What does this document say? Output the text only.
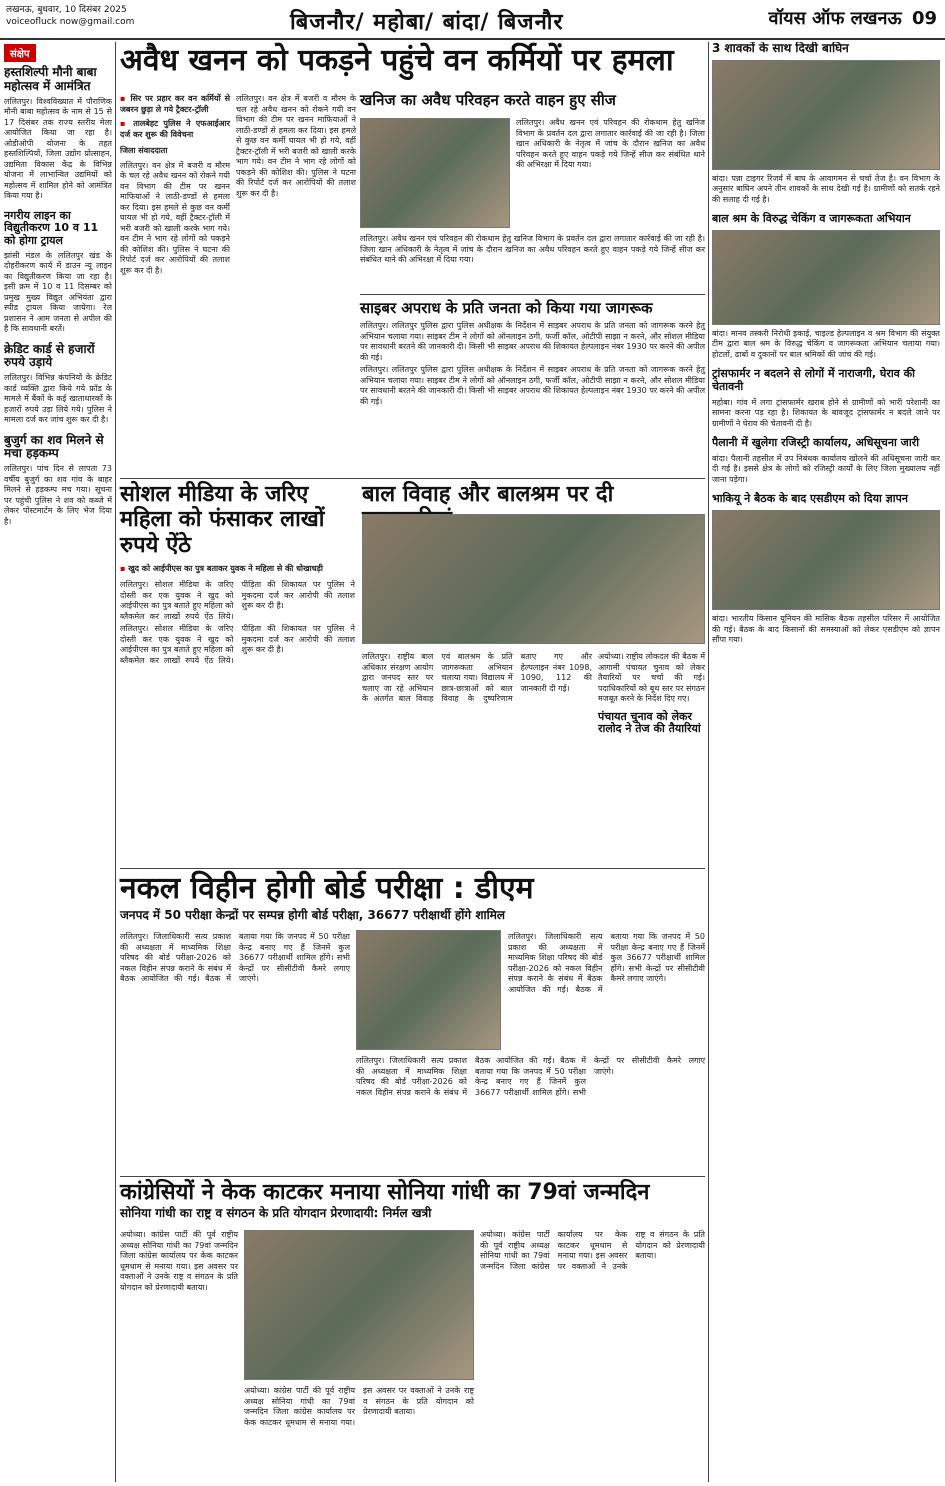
लखनऊ, बुधवार, 10 दिसंबर 2025
voiceofluck now@gmail.com	बिजनौर/ महोबा/ बांदा/ बिजनौर	वॉयस ऑफ लखनऊ 09
संक्षेप
हस्तशिल्पी मौनी बाबा महोत्सव में आमंत्रित
ललितपुर। विश्वविख्यात में पौराणिक मौनी बाबा महोत्सव के नाम से 15 से 17 दिसंबर तक राज्य स्तरीय मेला आयोजित किया जा रहा है। ओडीओपी योजना के तहत हस्तशिल्पियों, जिला उद्योग प्रोत्साहन, उद्यमिता विकास केंद्र के विभिन्न योजना में लाभान्वित उद्यमियों को महोत्सव में शामिल होने को आमंत्रित किया गया है।
नगरीय लाइन का विद्युतीकरण 10 व 11 को होगा ट्रायल
झांसी मंडल के ललितपुर खंड के दोहरीकरण कार्य में डाउन न्यू लाइन का विद्युतीकरण किया जा रहा है। इसी क्रम में 10 व 11 दिसम्बर को प्रमुख मुख्य विद्युत अभियंता द्वारा स्पीड ट्रायल किया जायेगा। रेल प्रशासन ने आम जनता से अपील की है कि सावधानी बरतें।
क्रेडिट कार्ड से हजारों रुपये उड़ाये
ललितपुर। विभिन्न कंपनियों के क्रेडिट कार्ड व्यक्ति द्वारा किये गये फ्रॉड के मामले में बैंकों के कई खाताधारकों के हजारों रुपये उड़ा लिये गये। पुलिस ने मामला दर्ज कर जांच शुरू कर दी है।
बुजुर्ग का शव मिलने से मचा हड़कम्प
ललितपुर। पांच दिन से लापता 73 वर्षीय बुजुर्ग का शव गांव के बाहर मिलने से हड़कम्प मच गया। सूचना पर पहुंची पुलिस ने शव को कब्जे में लेकर पोस्टमार्टम के लिए भेज दिया है।
अवैध खनन को पकड़ने पहुंचे वन कर्मियों पर हमला
▪ सिर पर प्रहार कर वन कर्मियों से जबरन छुड़ा ले गये ट्रैक्टर-ट्रॉली
▪ तालबेहट पुलिस ने एफआईआर दर्ज कर शुरू की विवेचना
जिला संवाददाता
ललितपुर। वन क्षेत्र में बजरी व मौरम के चल रहे अवैध खनन को रोकने गयी वन विभाग की टीम पर खनन माफियाओं ने लाठी-डण्डों से हमला कर दिया। इस हमले से कुछ वन कर्मी घायल भी हो गये, वहीं ट्रैक्टर-ट्रॉली में भरी बजरी को खाली करके भाग गये। वन टीम ने भाग रहे लोगों को पकड़ने की कोशिश की। पुलिस ने घटना की रिपोर्ट दर्ज कर आरोपियों की तलाश शुरू कर दी है।
ललितपुर। वन क्षेत्र में बजरी व मौरम के चल रहे अवैध खनन को रोकने गयी वन विभाग की टीम पर खनन माफियाओं ने लाठी-डण्डों से हमला कर दिया। इस हमले से कुछ वन कर्मी घायल भी हो गये, वहीं ट्रैक्टर-ट्रॉली में भरी बजरी को खाली करके भाग गये। वन टीम ने भाग रहे लोगों को पकड़ने की कोशिश की। पुलिस ने घटना की रिपोर्ट दर्ज कर आरोपियों की तलाश शुरू कर दी है।
खनिज का अवैध परिवहन करते वाहन हुए सीज
ललितपुर। अवैध खनन एवं परिवहन की रोकथाम हेतु खनिज विभाग के प्रवर्तन दल द्वारा लगातार कार्रवाई की जा रही है। जिला खान अधिकारी के नेतृत्व में जांच के दौरान खनिज का अवैध परिवहन करते हुए वाहन पकड़े गये जिन्हें सीज कर संबंधित थाने की अभिरक्षा में दिया गया।
ललितपुर। अवैध खनन एवं परिवहन की रोकथाम हेतु खनिज विभाग के प्रवर्तन दल द्वारा लगातार कार्रवाई की जा रही है। जिला खान अधिकारी के नेतृत्व में जांच के दौरान खनिज का अवैध परिवहन करते हुए वाहन पकड़े गये जिन्हें सीज कर संबंधित थाने की अभिरक्षा में दिया गया।
साइबर अपराध के प्रति जनता को किया गया जागरूक
ललितपुर। ललितपुर पुलिस द्वारा पुलिस अधीक्षक के निर्देशन में साइबर अपराध के प्रति जनता को जागरूक करने हेतु अभियान चलाया गया। साइबर टीम ने लोगों को ऑनलाइन ठगी, फर्जी कॉल, ओटीपी साझा न करने, और सोशल मीडिया पर सावधानी बरतने की जानकारी दी। किसी भी साइबर अपराध की शिकायत हेल्पलाइन नंबर 1930 पर करने की अपील की गई।
ललितपुर। ललितपुर पुलिस द्वारा पुलिस अधीक्षक के निर्देशन में साइबर अपराध के प्रति जनता को जागरूक करने हेतु अभियान चलाया गया। साइबर टीम ने लोगों को ऑनलाइन ठगी, फर्जी कॉल, ओटीपी साझा न करने, और सोशल मीडिया पर सावधानी बरतने की जानकारी दी। किसी भी साइबर अपराध की शिकायत हेल्पलाइन नंबर 1930 पर करने की अपील की गई।
सोशल मीडिया के जरिए महिला को फंसाकर लाखों रुपये ऐंठे
▪ खुद को आईपीएस का पुत्र बताकर युवक ने महिला से की धोखाधड़ी
ललितपुर। सोशल मीडिया के जरिए दोस्ती कर एक युवक ने खुद को आईपीएस का पुत्र बताते हुए महिला को ब्लैकमेल कर लाखों रुपये ऐंठ लिये। पीड़िता की शिकायत पर पुलिस ने मुकदमा दर्ज कर आरोपी की तलाश शुरू कर दी है।
ललितपुर। सोशल मीडिया के जरिए दोस्ती कर एक युवक ने खुद को आईपीएस का पुत्र बताते हुए महिला को ब्लैकमेल कर लाखों रुपये ऐंठ लिये। पीड़िता की शिकायत पर पुलिस ने मुकदमा दर्ज कर आरोपी की तलाश शुरू कर दी है।
बाल विवाह और बालश्रम पर दी
ललितपुर। राष्ट्रीय बाल अधिकार संरक्षण आयोग द्वारा जनपद स्तर पर चलाए जा रहे अभियान के अंतर्गत बाल विवाह एवं बालश्रम के प्रति जागरूकता अभियान चलाया गया। विद्यालय में छात्र-छात्राओं को बाल विवाह के दुष्परिणाम बताए गए और हेल्पलाइन नंबर 1098, 1090, 112 की जानकारी दी गई।
अयोध्या। राष्ट्रीय लोकदल की बैठक में आगामी पंचायत चुनाव को लेकर तैयारियों पर चर्चा की गई। पदाधिकारियों को बूथ स्तर पर संगठन मजबूत करने के निर्देश दिए गए।
पंचायत चुनाव को लेकर रालोद ने तेज की तैयारियां
नकल विहीन होगी बोर्ड परीक्षा : डीएम
जनपद में 50 परीक्षा केन्द्रों पर सम्पन्न होगी बोर्ड परीक्षा, 36677 परीक्षार्थी होंगे शामिल
ललितपुर। जिलाधिकारी सत्य प्रकाश की अध्यक्षता में माध्यमिक शिक्षा परिषद की बोर्ड परीक्षा-2026 को नकल विहीन संपन्न कराने के संबंध में बैठक आयोजित की गई। बैठक में बताया गया कि जनपद में 50 परीक्षा केन्द्र बनाए गए हैं जिनमें कुल 36677 परीक्षार्थी शामिल होंगे। सभी केन्द्रों पर सीसीटीवी कैमरे लगाए जाएंगे।
ललितपुर। जिलाधिकारी सत्य प्रकाश की अध्यक्षता में माध्यमिक शिक्षा परिषद की बोर्ड परीक्षा-2026 को नकल विहीन संपन्न कराने के संबंध में बैठक आयोजित की गई। बैठक में बताया गया कि जनपद में 50 परीक्षा केन्द्र बनाए गए हैं जिनमें कुल 36677 परीक्षार्थी शामिल होंगे। सभी केन्द्रों पर सीसीटीवी कैमरे लगाए जाएंगे।
ललितपुर। जिलाधिकारी सत्य प्रकाश की अध्यक्षता में माध्यमिक शिक्षा परिषद की बोर्ड परीक्षा-2026 को नकल विहीन संपन्न कराने के संबंध में बैठक आयोजित की गई। बैठक में बताया गया कि जनपद में 50 परीक्षा केन्द्र बनाए गए हैं जिनमें कुल 36677 परीक्षार्थी शामिल होंगे। सभी केन्द्रों पर सीसीटीवी कैमरे लगाए जाएंगे।
कांग्रेसियों ने केक काटकर मनाया सोनिया गांधी का 79वां जन्मदिन
सोनिया गांधी का राष्ट्र व संगठन के प्रति योगदान प्रेरणादायी: निर्मल खत्री
अयोध्या। कांग्रेस पार्टी की पूर्व राष्ट्रीय अध्यक्ष सोनिया गांधी का 79वां जन्मदिन जिला कांग्रेस कार्यालय पर केक काटकर धूमधाम से मनाया गया। इस अवसर पर वक्ताओं ने उनके राष्ट्र व संगठन के प्रति योगदान को प्रेरणादायी बताया।
अयोध्या। कांग्रेस पार्टी की पूर्व राष्ट्रीय अध्यक्ष सोनिया गांधी का 79वां जन्मदिन जिला कांग्रेस कार्यालय पर केक काटकर धूमधाम से मनाया गया। इस अवसर पर वक्ताओं ने उनके राष्ट्र व संगठन के प्रति योगदान को प्रेरणादायी बताया।
अयोध्या। कांग्रेस पार्टी की पूर्व राष्ट्रीय अध्यक्ष सोनिया गांधी का 79वां जन्मदिन जिला कांग्रेस कार्यालय पर केक काटकर धूमधाम से मनाया गया। इस अवसर पर वक्ताओं ने उनके राष्ट्र व संगठन के प्रति योगदान को प्रेरणादायी बताया।
3 शावकों के साथ दिखी बाघिन
बांदा। पन्ना टाइगर रिजर्व में बाघ के आवागमन से चर्चा तेज है। वन विभाग के अनुसार बाघिन अपने तीन शावकों के साथ देखी गई है। ग्रामीणों को सतर्क रहने की सलाह दी गई है।
बाल श्रम के विरुद्ध चेकिंग व जागरूकता अभियान
बांदा। मानव तस्करी निरोधी इकाई, चाइल्ड हेल्पलाइन व श्रम विभाग की संयुक्त टीम द्वारा बाल श्रम के विरुद्ध चेकिंग व जागरूकता अभियान चलाया गया। होटलों, ढाबों व दुकानों पर बाल श्रमिकों की जांच की गई।
ट्रांसफार्मर न बदलने से लोगों में नाराजगी, घेराव की चेतावनी
महोबा। गांव में लगा ट्रांसफार्मर खराब होने से ग्रामीणों को भारी परेशानी का सामना करना पड़ रहा है। शिकायत के बावजूद ट्रांसफार्मर न बदले जाने पर ग्रामीणों ने घेराव की चेतावनी दी है।
पैलानी में खुलेगा रजिस्ट्री कार्यालय, अधिसूचना जारी
बांदा। पैलानी तहसील में उप निबंधक कार्यालय खोलने की अधिसूचना जारी कर दी गई है। इससे क्षेत्र के लोगों को रजिस्ट्री कार्यों के लिए जिला मुख्यालय नहीं जाना पड़ेगा।
भाकियू ने बैठक के बाद एसडीएम को दिया ज्ञापन
बांदा। भारतीय किसान यूनियन की मासिक बैठक तहसील परिसर में आयोजित की गई। बैठक के बाद किसानों की समस्याओं को लेकर एसडीएम को ज्ञापन सौंपा गया।
